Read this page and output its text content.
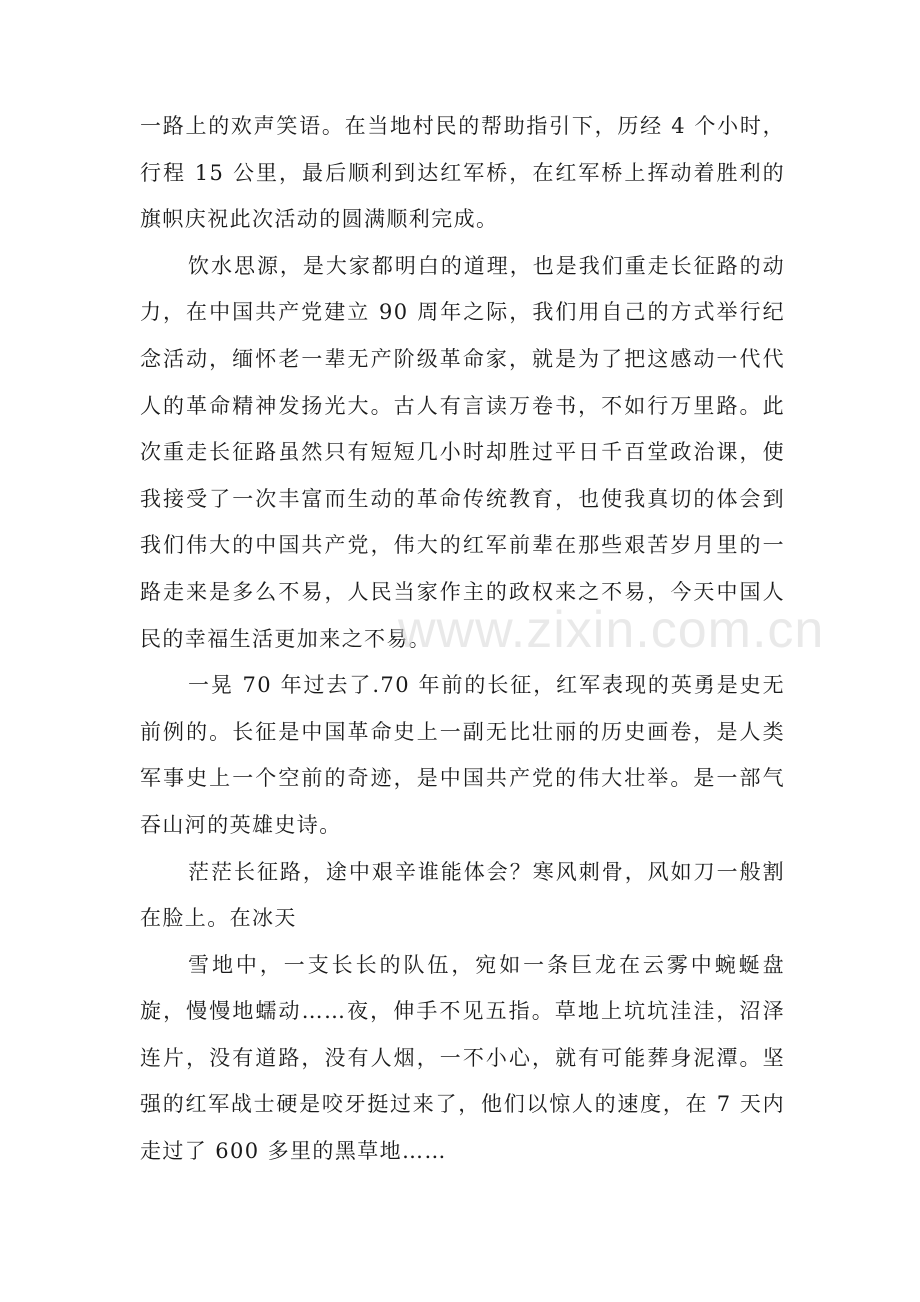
一路上的欢声笑语。在当地村民的帮助指引下，历经 4 个小时，行程 15 公里，最后顺利到达红军桥，在红军桥上挥动着胜利的旗帜庆祝此次活动的圆满顺利完成。

饮水思源，是大家都明白的道理，也是我们重走长征路的动力，在中国共产党建立 90 周年之际，我们用自己的方式举行纪念活动，缅怀老一辈无产阶级革命家，就是为了把这感动一代代人的革命精神发扬光大。古人有言读万卷书，不如行万里路。此次重走长征路虽然只有短短几小时却胜过平日千百堂政治课，使我接受了一次丰富而生动的革命传统教育，也使我真切的体会到我们伟大的中国共产党，伟大的红军前辈在那些艰苦岁月里的一路走来是多么不易，人民当家作主的政权来之不易，今天中国人民的幸福生活更加来之不易。

一晃 70 年过去了.70 年前的长征，红军表现的英勇是史无前例的。长征是中国革命史上一副无比壮丽的历史画卷，是人类军事史上一个空前的奇迹，是中国共产党的伟大壮举。是一部气吞山河的英雄史诗。

茫茫长征路，途中艰辛谁能体会？寒风刺骨，风如刀一般割在脸上。在冰天

雪地中，一支长长的队伍，宛如一条巨龙在云雾中蜿蜒盘旋，慢慢地蠕动……夜，伸手不见五指。草地上坑坑洼洼，沼泽连片，没有道路，没有人烟，一不小心，就有可能葬身泥潭。坚强的红军战士硬是咬牙挺过来了，他们以惊人的速度，在 7 天内走过了 600 多里的黑草地……

www.zixin.com.cn
